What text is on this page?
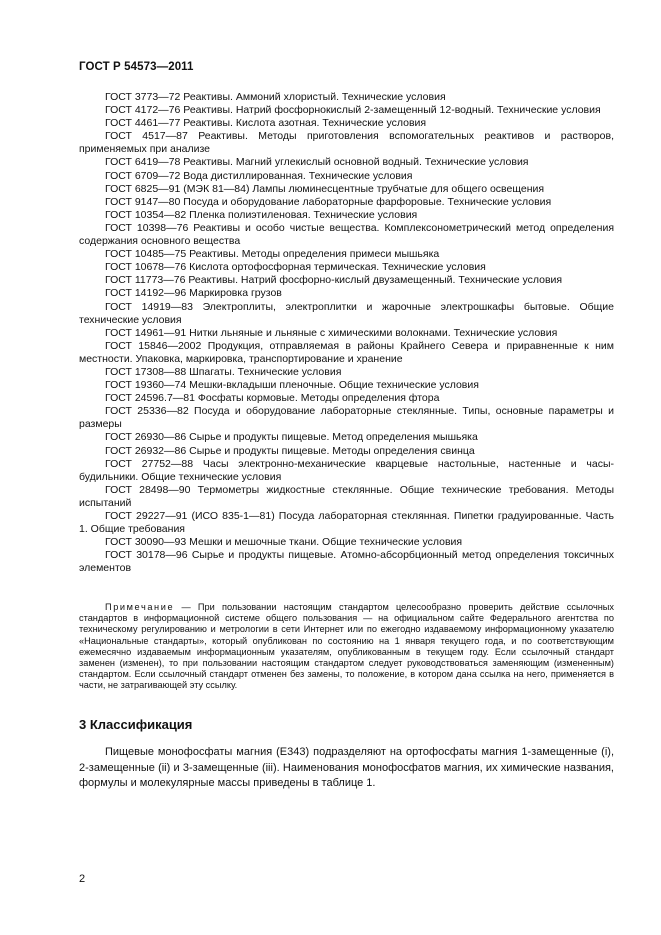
ГОСТ Р 54573—2011

ГОСТ 3773—72 Реактивы. Аммоний хлористый. Технические условия

ГОСТ 4172—76 Реактивы. Натрий фосфорнокислый 2-замещенный 12-водный. Технические условия

ГОСТ 4461—77 Реактивы. Кислота азотная. Технические условия

ГОСТ 4517—87 Реактивы. Методы приготовления вспомогательных реактивов и растворов, применяемых при анализе

ГОСТ 6419—78 Реактивы. Магний углекислый основной водный. Технические условия

ГОСТ 6709—72 Вода дистиллированная. Технические условия

ГОСТ 6825—91 (МЭК 81—84) Лампы люминесцентные трубчатые для общего освещения

ГОСТ 9147—80 Посуда и оборудование лабораторные фарфоровые. Технические условия

ГОСТ 10354—82 Пленка полиэтиленовая. Технические условия

ГОСТ 10398—76 Реактивы и особо чистые вещества. Комплексонометрический метод определения содержания основного вещества

ГОСТ 10485—75 Реактивы. Методы определения примеси мышьяка

ГОСТ 10678—76 Кислота ортофосфорная термическая. Технические условия

ГОСТ 11773—76 Реактивы. Натрий фосфорно-кислый двузамещенный. Технические условия

ГОСТ 14192—96 Маркировка грузов

ГОСТ 14919—83 Электроплиты, электроплитки и жарочные электрошкафы бытовые. Общие технические условия

ГОСТ 14961—91 Нитки льняные и льняные с химическими волокнами. Технические условия

ГОСТ 15846—2002 Продукция, отправляемая в районы Крайнего Севера и приравненные к ним местности. Упаковка, маркировка, транспортирование и хранение

ГОСТ 17308—88 Шпагаты. Технические условия

ГОСТ 19360—74 Мешки-вкладыши пленочные. Общие технические условия

ГОСТ 24596.7—81 Фосфаты кормовые. Методы определения фтора

ГОСТ 25336—82 Посуда и оборудование лабораторные стеклянные. Типы, основные параметры и размеры

ГОСТ 26930—86 Сырье и продукты пищевые. Метод определения мышьяка

ГОСТ 26932—86 Сырье и продукты пищевые. Методы определения свинца

ГОСТ 27752—88 Часы электронно-механические кварцевые настольные, настенные и часы-будильники. Общие технические условия

ГОСТ 28498—90 Термометры жидкостные стеклянные. Общие технические требования. Методы испытаний

ГОСТ 29227—91 (ИСО 835-1—81) Посуда лабораторная стеклянная. Пипетки градуированные. Часть 1. Общие требования

ГОСТ 30090—93 Мешки и мешочные ткани. Общие технические условия

ГОСТ 30178—96 Сырье и продукты пищевые. Атомно-абсорбционный метод определения токсичных элементов

Примечание — При пользовании настоящим стандартом целесообразно проверить действие ссылочных стандартов в информационной системе общего пользования — на официальном сайте Федерального агентства по техническому регулированию и метрологии в сети Интернет или по ежегодно издаваемому информационному указателю «Национальные стандарты», который опубликован по состоянию на 1 января текущего года, и по соответствующим ежемесячно издаваемым информационным указателям, опубликованным в текущем году. Если ссылочный стандарт заменен (изменен), то при пользовании настоящим стандартом следует руководствоваться заменяющим (измененным) стандартом. Если ссылочный стандарт отменен без замены, то положение, в котором дана ссылка на него, применяется в части, не затрагивающей эту ссылку.

3 Классификация

Пищевые монофосфаты магния (Е343) подразделяют на ортофосфаты магния 1-замещенные (i), 2-замещенные (ii) и 3-замещенные (iii). Наименования монофосфатов магния, их химические названия, формулы и молекулярные массы приведены в таблице 1.

2
